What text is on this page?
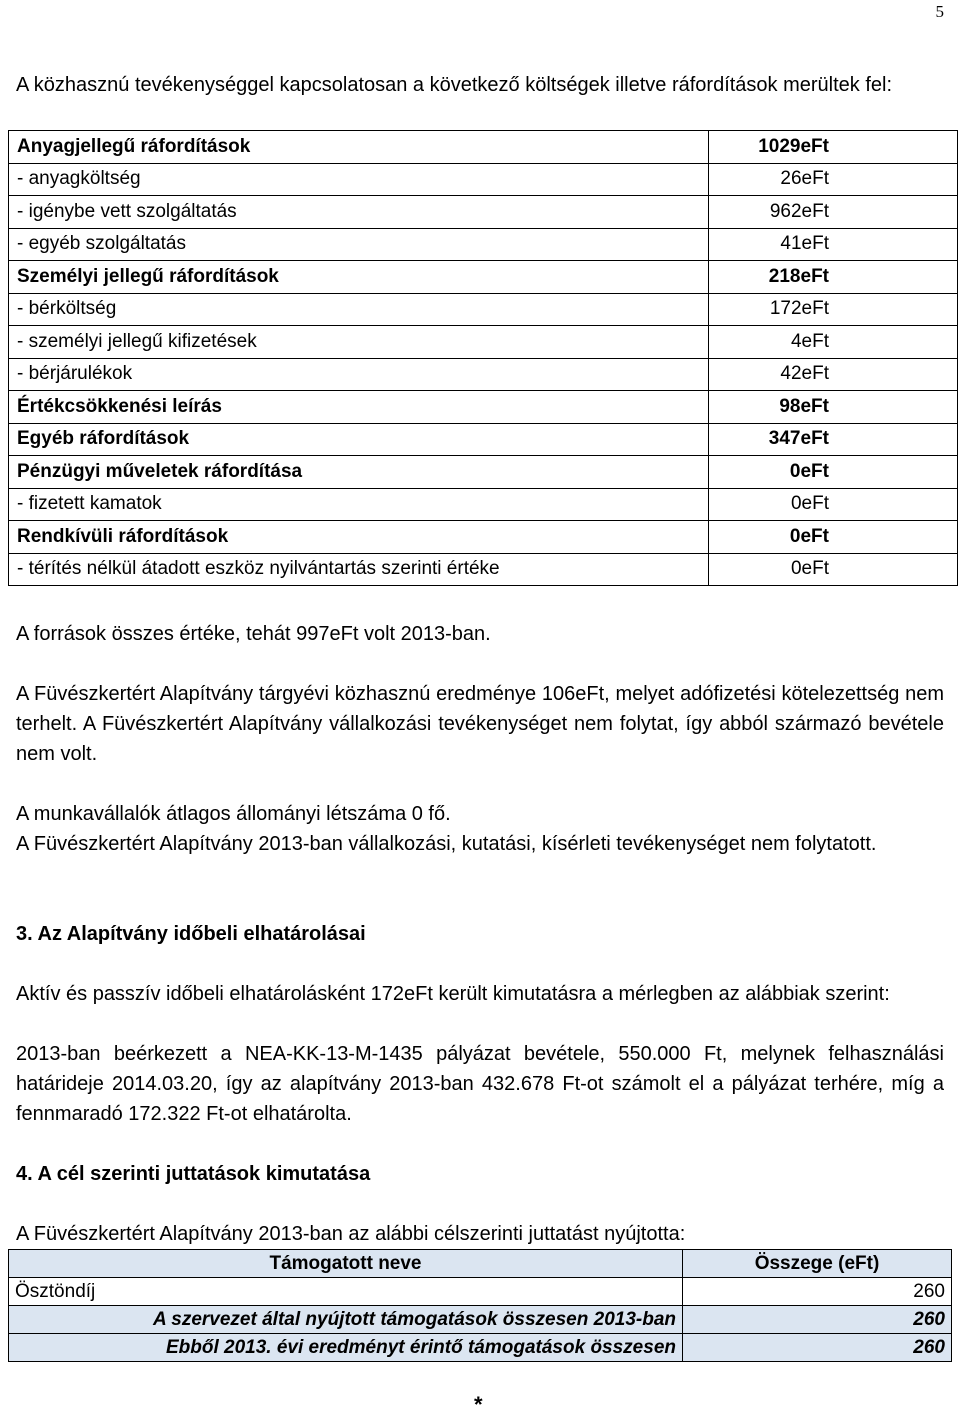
5
A közhasznú tevékenységgel kapcsolatosan a következő költségek illetve ráfordítások merültek fel:
Anyagjellegű ráfordítások	1029eFt
- anyagköltség	26eFt
- igénybe vett szolgáltatás	962eFt
- egyéb szolgáltatás	41eFt
Személyi jellegű ráfordítások	218eFt
- bérköltség	172eFt
- személyi jellegű kifizetések	4eFt
- bérjárulékok	42eFt
Értékcsökkenési leírás	98eFt
Egyéb ráfordítások	347eFt
Pénzügyi műveletek ráfordítása	0eFt
- fizetett kamatok	0eFt
Rendkívüli ráfordítások	0eFt
- térítés nélkül átadott eszköz nyilvántartás szerinti értéke	0eFt
A források összes értéke, tehát 997eFt volt 2013-ban.
A Füvészkertért Alapítvány tárgyévi közhasznú eredménye 106eFt, melyet adófizetési kötelezettség nem terhelt. A Füvészkertért Alapítvány vállalkozási tevékenységet nem folytat, így abból származó bevétele nem volt.
A munkavállalók átlagos állományi létszáma 0 fő.
A Füvészkertért Alapítvány 2013-ban vállalkozási, kutatási, kísérleti tevékenységet nem folytatott.
3. Az Alapítvány időbeli elhatárolásai
Aktív és passzív időbeli elhatárolásként 172eFt került kimutatásra a mérlegben az alábbiak szerint:
2013-ban beérkezett a NEA-KK-13-M-1435 pályázat bevétele, 550.000 Ft, melynek felhasználási határideje 2014.03.20, így az alapítvány 2013-ban 432.678 Ft-ot számolt el a pályázat terhére, míg a fennmaradó 172.322 Ft-ot elhatárolta.
4. A cél szerinti juttatások kimutatása
A Füvészkertért Alapítvány 2013-ban az alábbi célszerinti juttatást nyújtotta:
Támogatott neve	Összege (eFt)
Ösztöndíj	260
A szervezet által nyújtott támogatások összesen 2013-ban	260
Ebből 2013. évi eredményt érintő támogatások összesen	260
*
